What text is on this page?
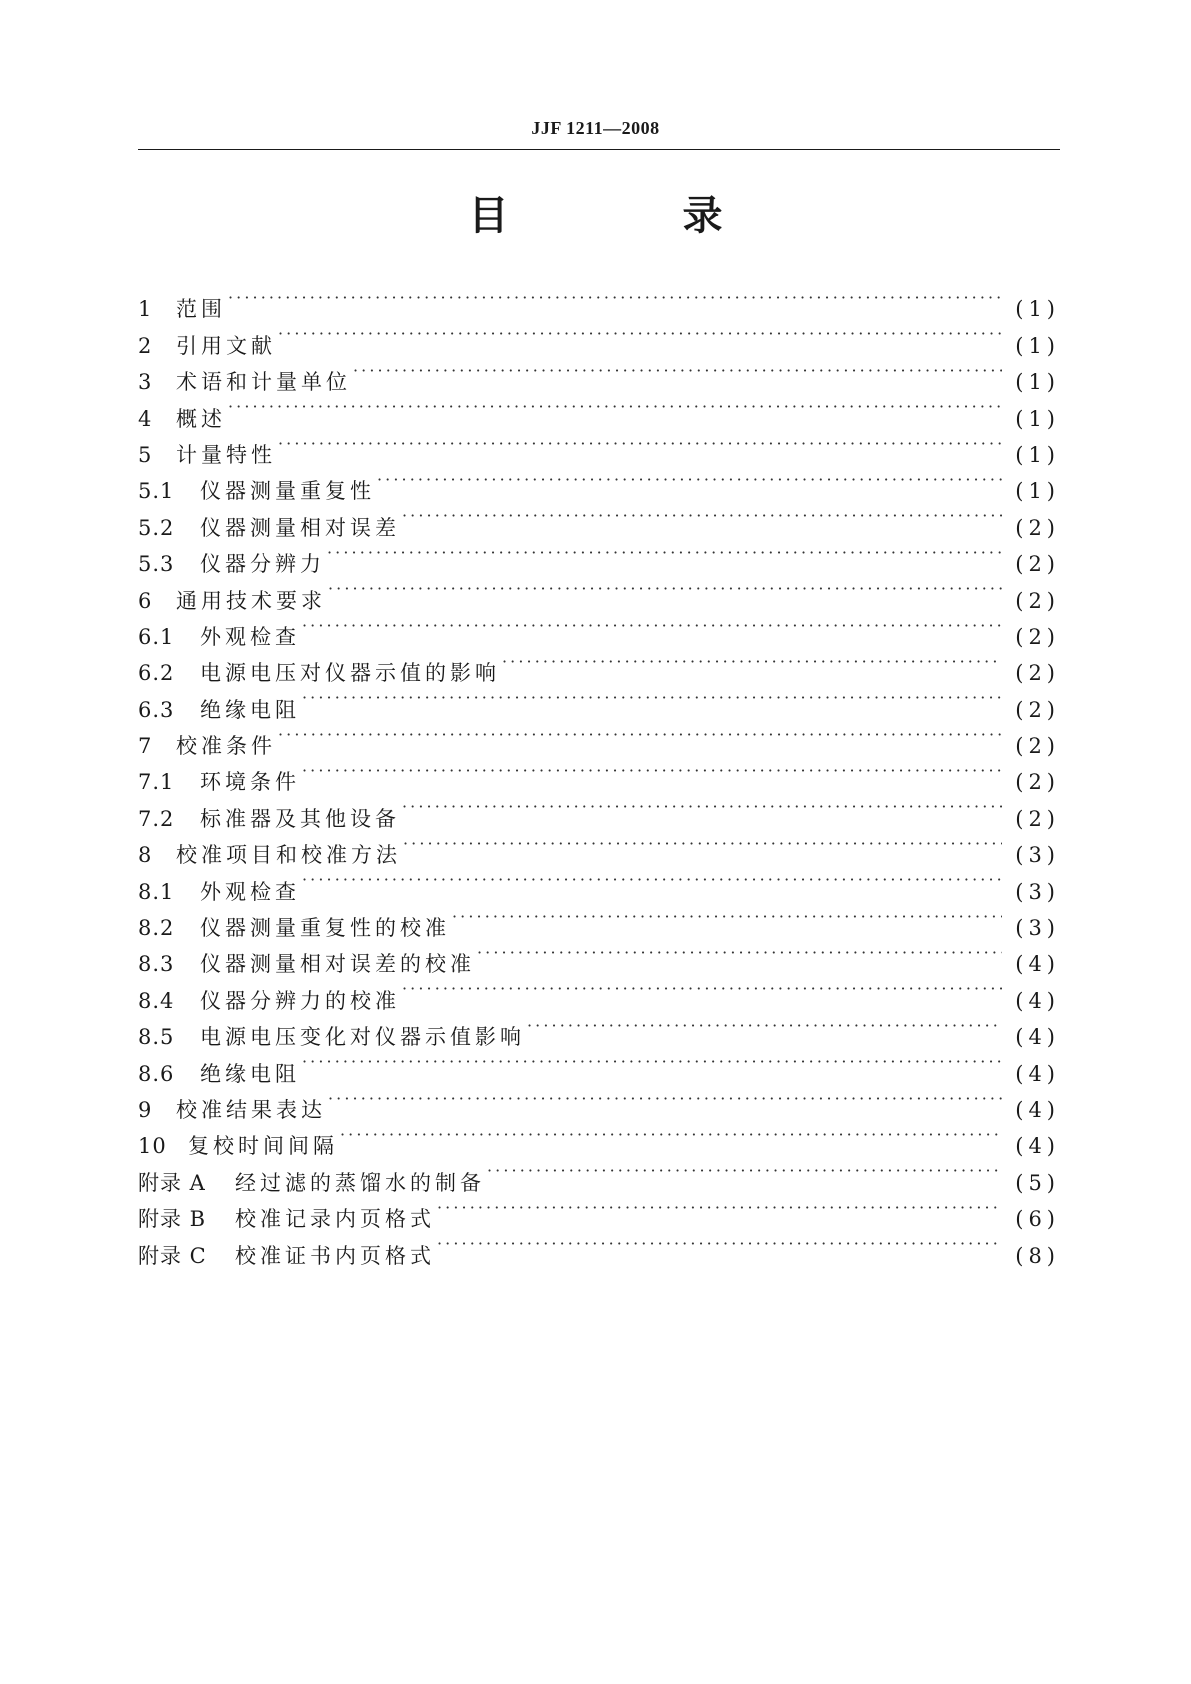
JJF 1211—2008
目 录
1	范围 · · ·	(1)
2	引用文献 · · ·	(1)
3	术语和计量单位 · · ·	(1)
4	概述 · · ·	(1)
5	计量特性 · · ·	(1)
5.1	仪器测量重复性 · · ·	(1)
5.2	仪器测量相对误差 · · ·	(2)
5.3	仪器分辨力 · · ·	(2)
6	通用技术要求 · · ·	(2)
6.1	外观检查 · · ·	(2)
6.2	电源电压对仪器示值的影响 · · ·	(2)
6.3	绝缘电阻 · · ·	(2)
7	校准条件 · · ·	(2)
7.1	环境条件 · · ·	(2)
7.2	标准器及其他设备 · · ·	(2)
8	校准项目和校准方法 · · ·	(3)
8.1	外观检查 · · ·	(3)
8.2	仪器测量重复性的校准 · · ·	(3)
8.3	仪器测量相对误差的校准 · · ·	(4)
8.4	仪器分辨力的校准 · · ·	(4)
8.5	电源电压变化对仪器示值影响 · · ·	(4)
8.6	绝缘电阻 · · ·	(4)
9	校准结果表达 · · ·	(4)
10	复校时间间隔 · · ·	(4)
附录 A	经过滤的蒸馏水的制备 · · ·	(5)
附录 B	校准记录内页格式 · · ·	(6)
附录 C	校准证书内页格式 · · ·	(8)
